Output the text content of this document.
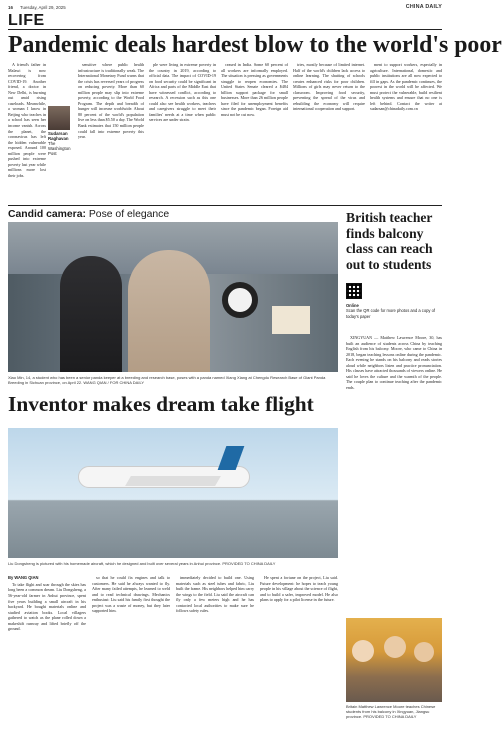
16 Tuesday, April 29, 2025	CHINA DAILY
LIFE
Pandemic deals hardest blow to the world's poor

A friend's father in Malawi is now recovering from COVID-19. Another friend, a doctor in New Delhi, is burning out amid rising caseloads. Meanwhile, a woman I know in Beijing who teaches in a school has seen her income vanish. Across the planet, the coronavirus has left the hidden vulnerable exposed. Around 100 million people were pushed into extreme poverty last year while millions more lost their jobs.

Sudarsan Raghavan
The Washington Post

sensitive where public health infrastructure is traditionally weak. The International Monetary Fund warns that the crisis has reversed years of progress on reducing poverty. More than 60 million people may slip into extreme poverty, according to the World Food Program. The depth and breadth of hunger will increase worldwide. About 80 percent of the world's population live on less than $5.50 a day. The World Bank estimates that 150 million people could fall into extreme poverty this year.

ple were living in extreme poverty in the country in 2019, according to official data. The impact of COVID-19 on food security could be significant in Africa and parts of the Middle East that have witnessed conflict, according to research. A recession such as this one could also see health workers, teachers and caregivers struggle to meet their families' needs at a time when public services are under strain.

ceased in India. Some 60 percent of all workers are informally employed. The situation is pressing as governments struggle to reopen economies. The United States Senate cleared a $484 billion support package for small businesses. More than 26 million people have filed for unemployment benefits since the pandemic began. Foreign aid must not be cut now.

tries, mostly because of limited internet. Half of the world's children lack access to online learning. The shutting of schools creates enhanced risks for poor children. Millions of girls may never return to the classroom. Improving food security, preventing the spread of the virus and rebuilding the economy will require international cooperation and support.

ment to support workers, especially in agriculture. International, domestic and public institutions are all now expected to fill in gaps. As the pandemic continues, the poorest in the world will be affected. We must protect the vulnerable, build resilient health systems and ensure that no one is left behind. Contact the writer at sudarsan@chinadaily.com.cn

Candid camera: Pose of elegance
Xiao Min, 14, a student who has been a senior panda keeper at a breeding and research base, poses with a panda named Xiang Xiang at Chengdu Research Base of Giant Panda Breeding in Sichuan province, on April 22. WANG QIAN / FOR CHINA DAILY
Online
Scan the QR code for more photos and a copy of today's paper
British teacher finds balcony class can reach out to students

XINGYUAN — Matthew Lawrence Moore, 30, has built an audience of students across China by teaching English from his balcony. Moore, who came to China in 2018, began teaching lessons online during the pandemic. Each evening he stands on his balcony and reads stories aloud while neighbors listen and practice pronunciation. His classes have attracted thousands of viewers online. He said he loves the culture and the warmth of the people. The couple plan to continue teaching after the pandemic ends.

Britain Matthew Lawrence Moore teaches Chinese students from his balcony in Xingyuan, Jiangsu province. PROVIDED TO CHINA DAILY
Inventor makes dream take flight
Liu Dongsheng is pictured with his homemade aircraft, which he designed and built over several years in Anhui province. PROVIDED TO CHINA DAILY

By WANG QIAN

To take flight and soar through the skies has long been a common dream. Liu Dongsheng, a 56-year-old farmer in Anhui province, spent five years building a small aircraft in his backyard. He bought materials online and studied aviation books. Local villagers gathered to watch as the plane rolled down a makeshift runway and lifted briefly off the ground.

so that he could fix engines and talk to customers. He said he always wanted to fly. After many failed attempts, he learned to weld and to read technical drawings. Mechanics enthusiast: Liu said his family first thought the project was a waste of money, but they later supported him.

immediately decided to build one. Using materials such as steel tubes and fabric, Liu built the frame. His neighbors helped him carry the wings to the field. Liu said the aircraft can fly only a few meters high and he has contacted local authorities to make sure he follows safety rules.

He spent a fortune on the project, Liu said. Future development: he hopes to teach young people in his village about the science of flight, and to build a safer, improved model. He also plans to apply for a pilot license in the future.
